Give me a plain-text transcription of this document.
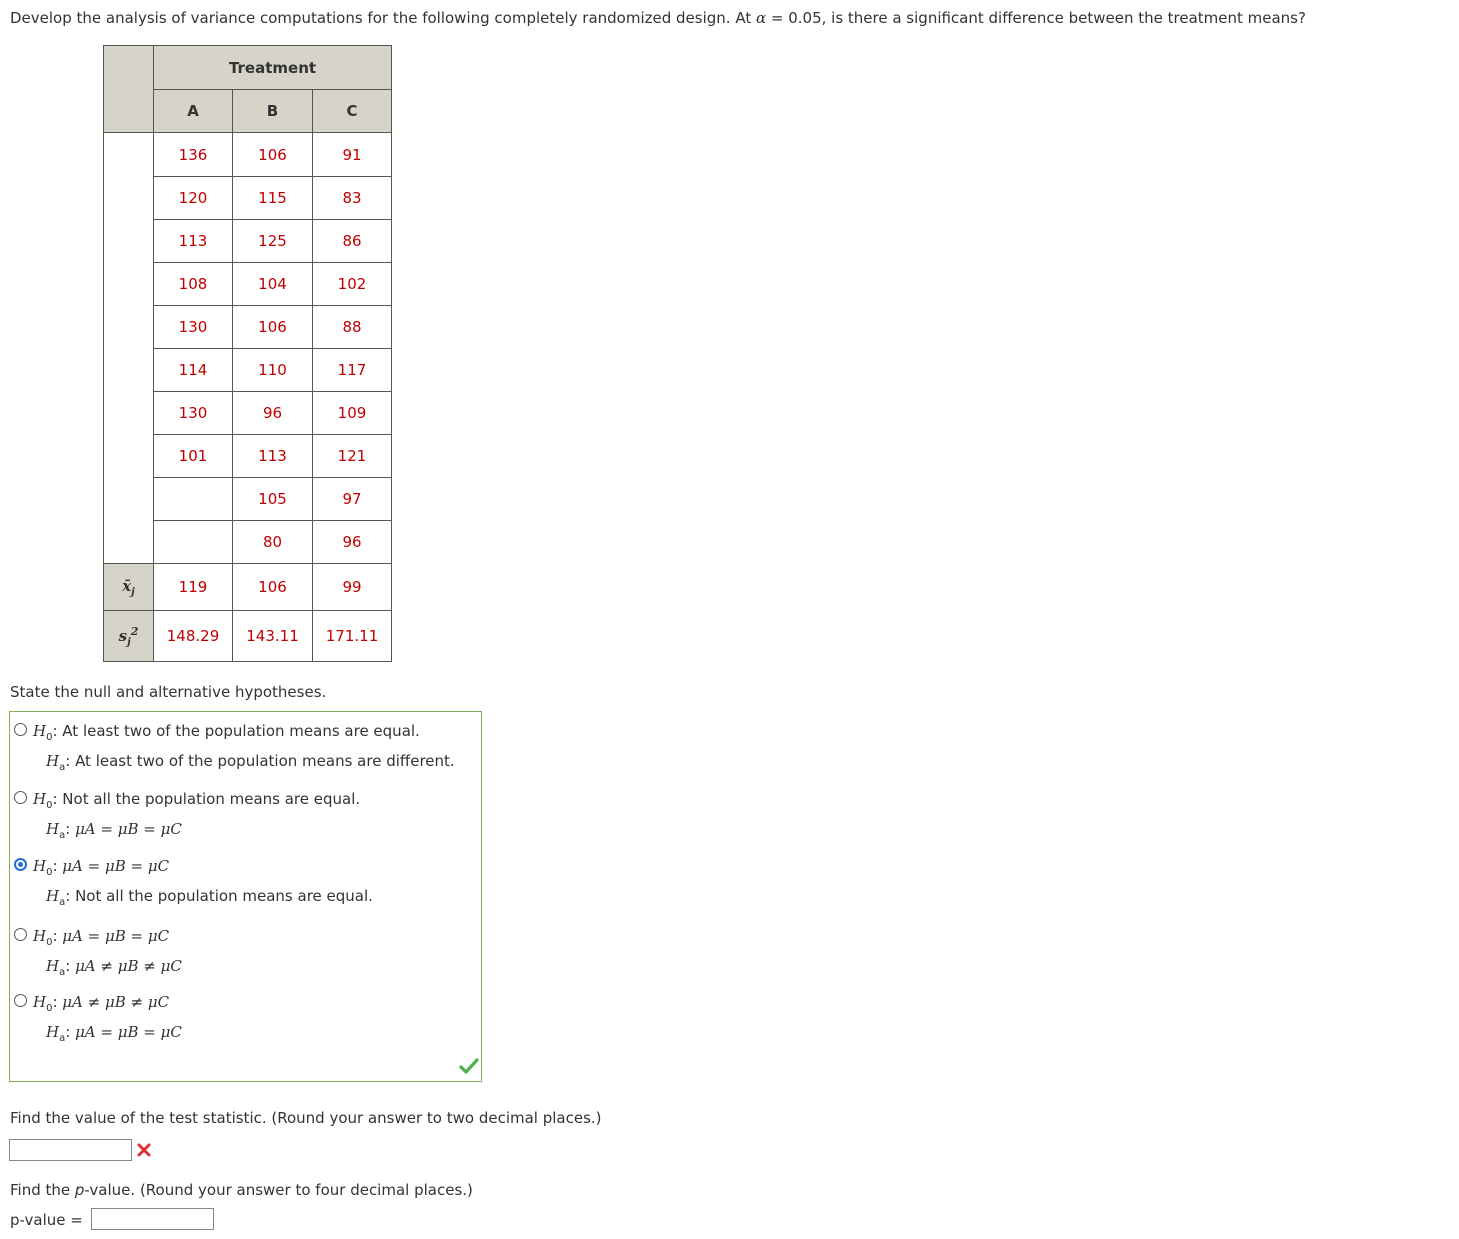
Develop the analysis of variance computations for the following completely randomized design. At α = 0.05, is there a significant difference between the treatment means?
	Treatment		
	A	B	C
	136	106	91
	120	115	83
	113	125	86
	108	104	102
	130	106	88
	114	110	117
	130	96	109
	101	113	121
		105	97
		80	96
$x̄_j$	119	106	99
$s_j^2$	148.29	143.11	171.11
State the null and alternative hypotheses.
$H_0$: At least two of the population means are equal.
$H_a$: At least two of the population means are different.
$H_0$: Not all the population means are equal.
$H_a$: μA = μB = μC
$H_0$: μA = μB = μC
$H_a$: Not all the population means are equal.
$H_0$: μA = μB = μC
$H_a$: μA ≠ μB ≠ μC
$H_0$: μA ≠ μB ≠ μC
$H_a$: μA = μB = μC
Find the value of the test statistic. (Round your answer to two decimal places.)
Find the p-value. (Round your answer to four decimal places.)
p-value =
